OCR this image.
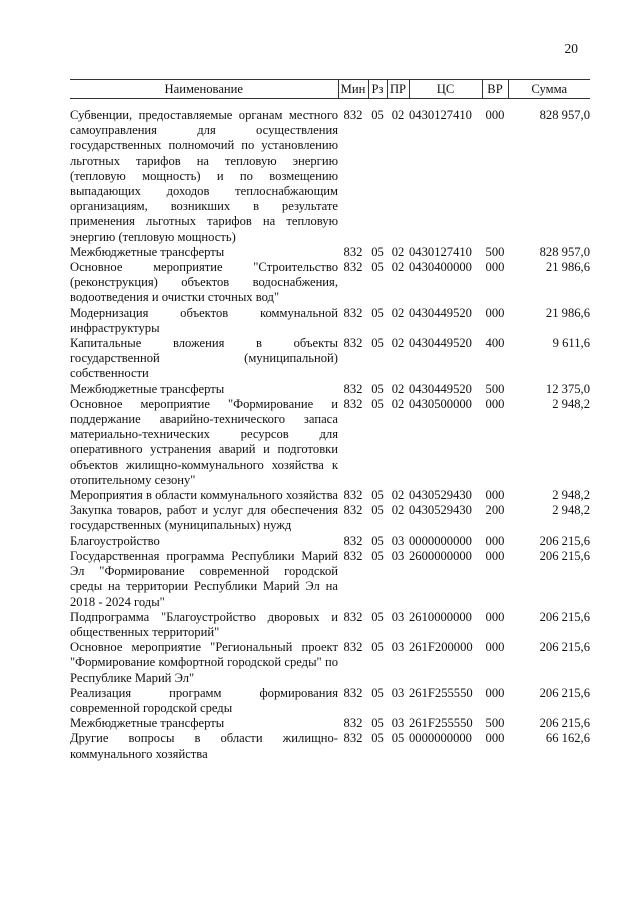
20
Наименование	Мин	Рз	ПР	ЦС	ВР	Сумма
Субвенции, предоставляемые органам местного самоуправления для осуществления государственных полномочий по установлению льготных тарифов на тепловую энергию (тепловую мощность) и по возмещению выпадающих доходов теплоснабжающим организациям, возникших в результате применения льготных тарифов на тепловую энергию (тепловую мощность)	832	05	02	0430127410	000	828 957,0
Межбюджетные трансферты	832	05	02	0430127410	500	828 957,0
Основное мероприятие "Строительство (реконструкция) объектов водоснабжения, водоотведения и очистки сточных вод"	832	05	02	0430400000	000	21 986,6
Модернизация объектов коммунальной инфраструктуры	832	05	02	0430449520	000	21 986,6
Капитальные вложения в объекты государственной (муниципальной) собственности	832	05	02	0430449520	400	9 611,6
Межбюджетные трансферты	832	05	02	0430449520	500	12 375,0
Основное мероприятие "Формирование и поддержание аварийно-технического запаса материально-технических ресурсов для оперативного устранения аварий и подготовки объектов жилищно-коммунального хозяйства к отопительному сезону"	832	05	02	0430500000	000	2 948,2
Мероприятия в области коммунального хозяйства	832	05	02	0430529430	000	2 948,2
Закупка товаров, работ и услуг для обеспечения государственных (муниципальных) нужд	832	05	02	0430529430	200	2 948,2
Благоустройство	832	05	03	0000000000	000	206 215,6
Государственная программа Республики Марий Эл "Формирование современной городской среды на территории Республики Марий Эл на 2018 - 2024 годы"	832	05	03	2600000000	000	206 215,6
Подпрограмма "Благоустройство дворовых и общественных территорий"	832	05	03	2610000000	000	206 215,6
Основное мероприятие "Региональный проект "Формирование комфортной городской среды" по Республике Марий Эл"	832	05	03	261F200000	000	206 215,6
Реализация программ формирования современной городской среды	832	05	03	261F255550	000	206 215,6
Межбюджетные трансферты	832	05	03	261F255550	500	206 215,6
Другие вопросы в области жилищно-коммунального хозяйства	832	05	05	0000000000	000	66 162,6
